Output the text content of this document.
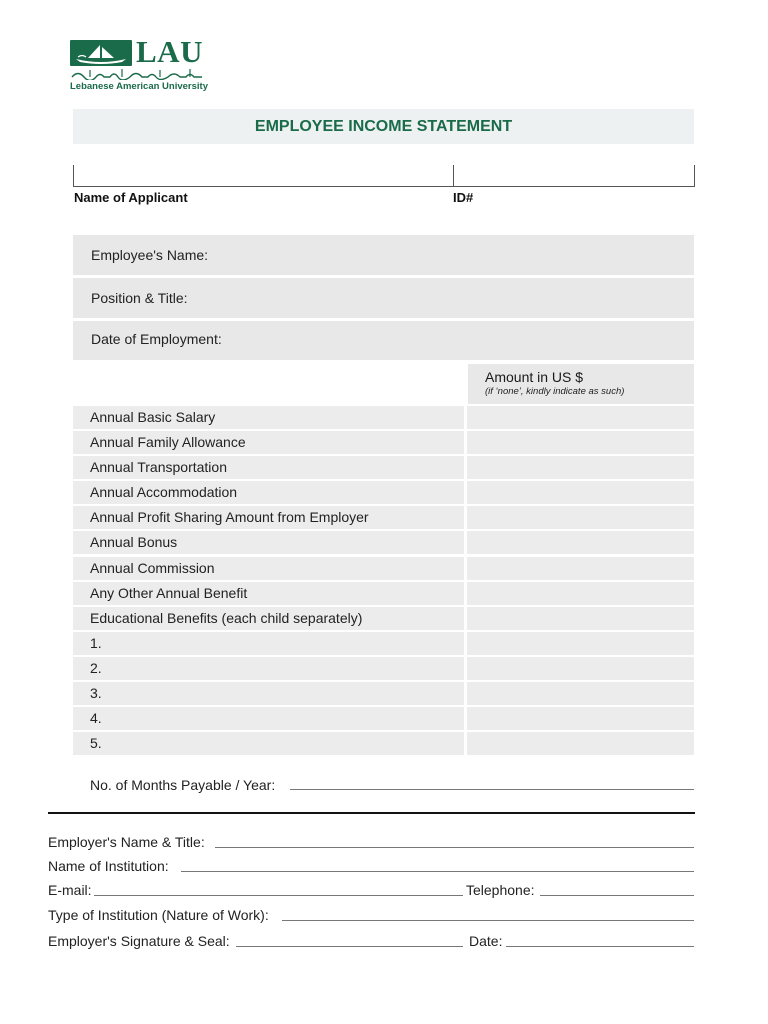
LAU
Lebanese American University
EMPLOYEE INCOME STATEMENT
Name of Applicant	ID#
Employee's Name:
Position & Title:
Date of Employment:
Amount in US $
(if ‘none’, kindly indicate as such)
Annual Basic Salary
Annual Family Allowance
Annual Transportation
Annual Accommodation
Annual Profit Sharing Amount from Employer
Annual Bonus
Annual Commission
Any Other Annual Benefit
Educational Benefits (each child separately)
1.
2.
3.
4.
5.
No. of Months Payable / Year:
Employer's Name & Title:
Name of Institution:
E-mail:	Telephone:
Type of Institution (Nature of Work):
Employer's Signature & Seal:	Date:
